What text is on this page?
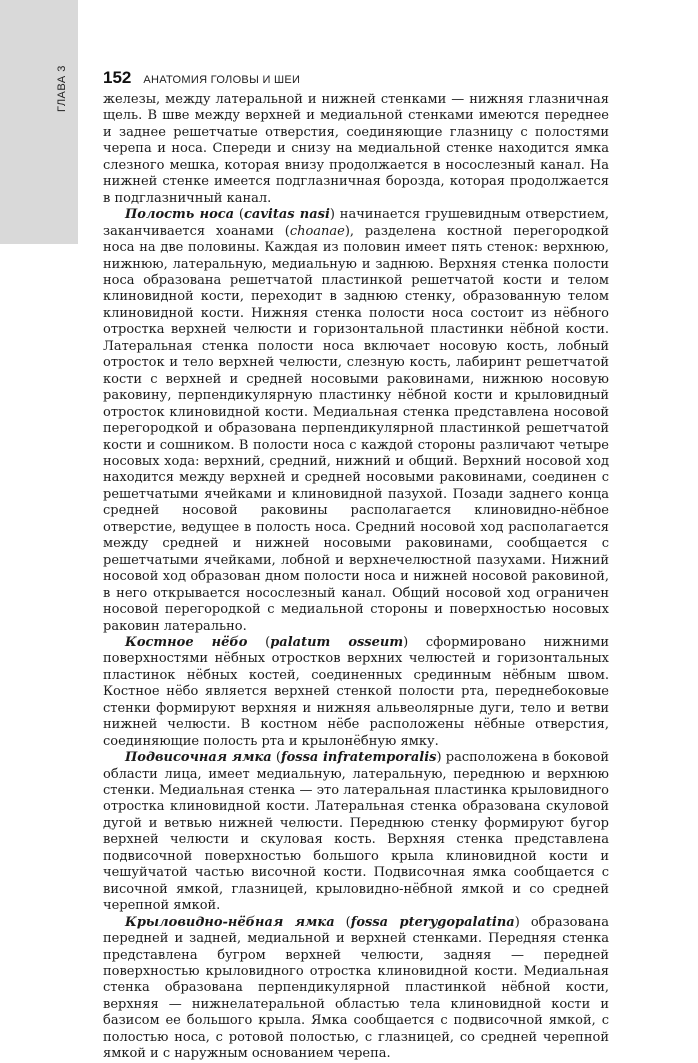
ГЛАВА 3 152 АНАТОМИЯ ГОЛОВЫ И ШЕИ

железы, между латеральной и нижней стенками — нижняя глазничная щель. В шве между верхней и медиальной стенками имеются переднее и заднее решетчатые отверстия, соединяющие глазницу с полостями черепа и носа. Спереди и снизу на медиальной стенке находится ямка слезного мешка, которая внизу продолжается в носослезный канал. На нижней стенке имеется подглазничная борозда, которая продолжается в подглазничный канал.

Полость носа (cavitas nasi) начинается грушевидным отверстием, заканчивается хоанами (choanae), разделена костной перегородкой носа на две половины. Каждая из половин имеет пять стенок: верхнюю, нижнюю, латеральную, медиальную и заднюю. Верхняя стенка полости носа образована решетчатой пластинкой решетчатой кости и телом клиновидной кости, переходит в заднюю стенку, образованную телом клиновидной кости. Нижняя стенка полости носа состоит из нёбного отростка верхней челюсти и горизонтальной пластинки нёбной кости. Латеральная стенка полости носа включает носовую кость, лобный отросток и тело верхней челюсти, слезную кость, лабиринт решетчатой кости с верхней и средней носовыми раковинами, нижнюю носовую раковину, перпендикулярную пластинку нёбной кости и крыловидный отросток клиновидной кости. Медиальная стенка представлена носовой перегородкой и образована перпендикулярной пластинкой решетчатой кости и сошником. В полости носа с каждой стороны различают четыре носовых хода: верхний, средний, нижний и общий. Верхний носовой ход находится между верхней и средней носовыми раковинами, соединен с решетчатыми ячейками и клиновидной пазухой. Позади заднего конца средней носовой раковины располагается клиновидно-нёбное отверстие, ведущее в полость носа. Средний носовой ход располагается между средней и нижней носовыми раковинами, сообщается с решетчатыми ячейками, лобной и верхнечелюстной пазухами. Нижний носовой ход образован дном полости носа и нижней носовой раковиной, в него открывается носослезный канал. Общий носовой ход ограничен носовой перегородкой с медиальной стороны и поверхностью носовых раковин латерально.

Костное нёбо (palatum osseum) сформировано нижними поверхностями нёбных отростков верхних челюстей и горизонтальных пластинок нёбных костей, соединенных срединным нёбным швом. Костное нёбо является верхней стенкой полости рта, переднебоковые стенки формируют верхняя и нижняя альвеолярные дуги, тело и ветви нижней челюсти. В костном нёбе расположены нёбные отверстия, соединяющие полость рта и крылонёбную ямку.

Подвисочная ямка (fossa infratemporalis) расположена в боковой области лица, имеет медиальную, латеральную, переднюю и верхнюю стенки. Медиальная стенка — это латеральная пластинка крыловидного отростка клиновидной кости. Латеральная стенка образована скуловой дугой и ветвью нижней челюсти. Переднюю стенку формируют бугор верхней челюсти и скуловая кость. Верхняя стенка представлена подвисочной поверхностью большого крыла клиновидной кости и чешуйчатой частью височной кости. Подвисочная ямка сообщается с височной ямкой, глазницей, крыловидно-нёбной ямкой и со средней черепной ямкой.

Крыловидно-нёбная ямка (fossa pterygopalatina) образована передней и задней, медиальной и верхней стенками. Передняя стенка представлена бугром верхней челюсти, задняя — передней поверхностью крыловидного отростка клиновидной кости. Медиальная стенка образована перпендикулярной пластинкой нёбной кости, верхняя — нижнелатеральной областью тела клиновидной кости и базисом ее большого крыла. Ямка сообщается с подвисочной ямкой, с полостью носа, с ротовой полостью, с глазницей, со средней черепной ямкой и с наружным основанием черепа.
